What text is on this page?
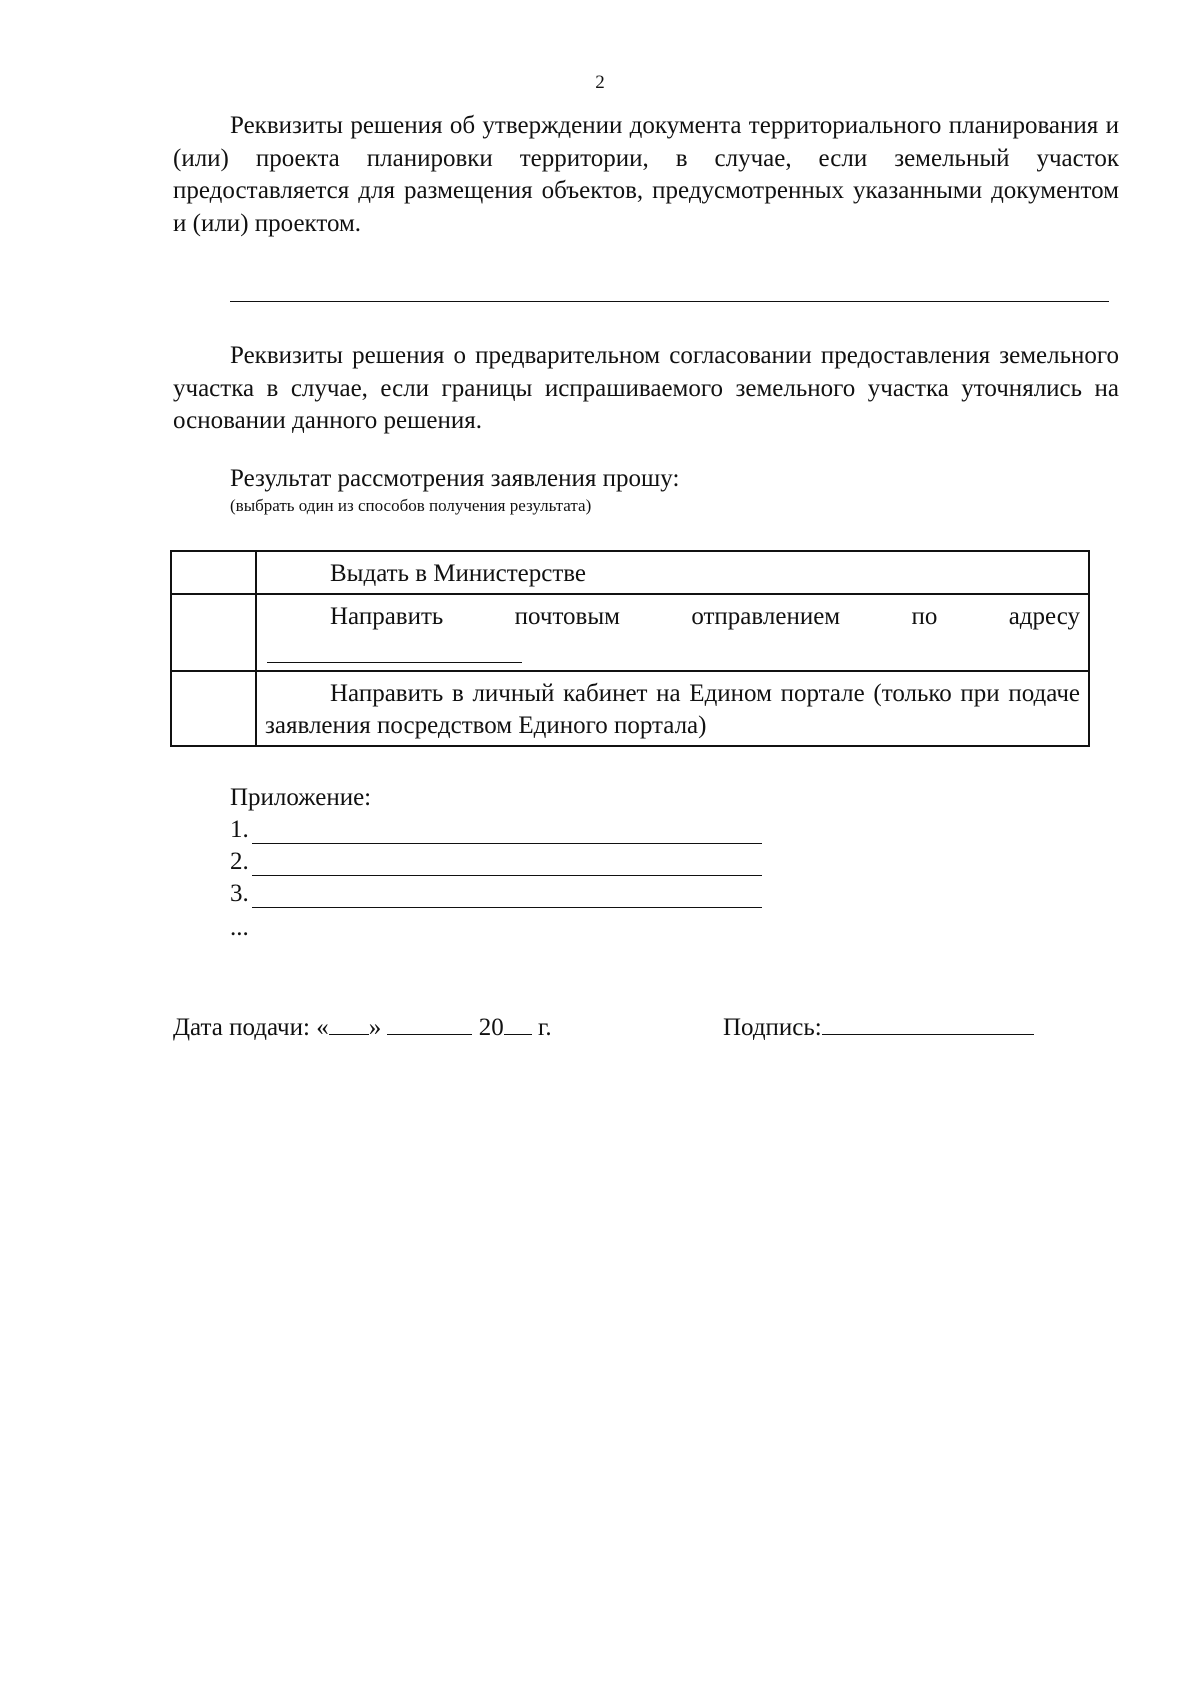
2

Реквизиты решения об утверждении документа территориального планирования и (или) проекта планировки территории, в случае, если земельный участок предоставляется для размещения объектов, предусмотренных указанными документом и (или) проектом.

Реквизиты решения о предварительном согласовании предоставления земельного участка в случае, если границы испрашиваемого земельного участка уточнялись на основании данного решения.

Результат рассмотрения заявления прошу:
(выбрать один из способов получения результата)

Выдать в Министерстве

Направить почтовым отправлением по адресу

Направить в личный кабинет на Едином портале (только при подаче заявления посредством Единого портала)

Приложение:
1.
2.
3.
...
Дата подачи: « »	20 г.	Подпись:
